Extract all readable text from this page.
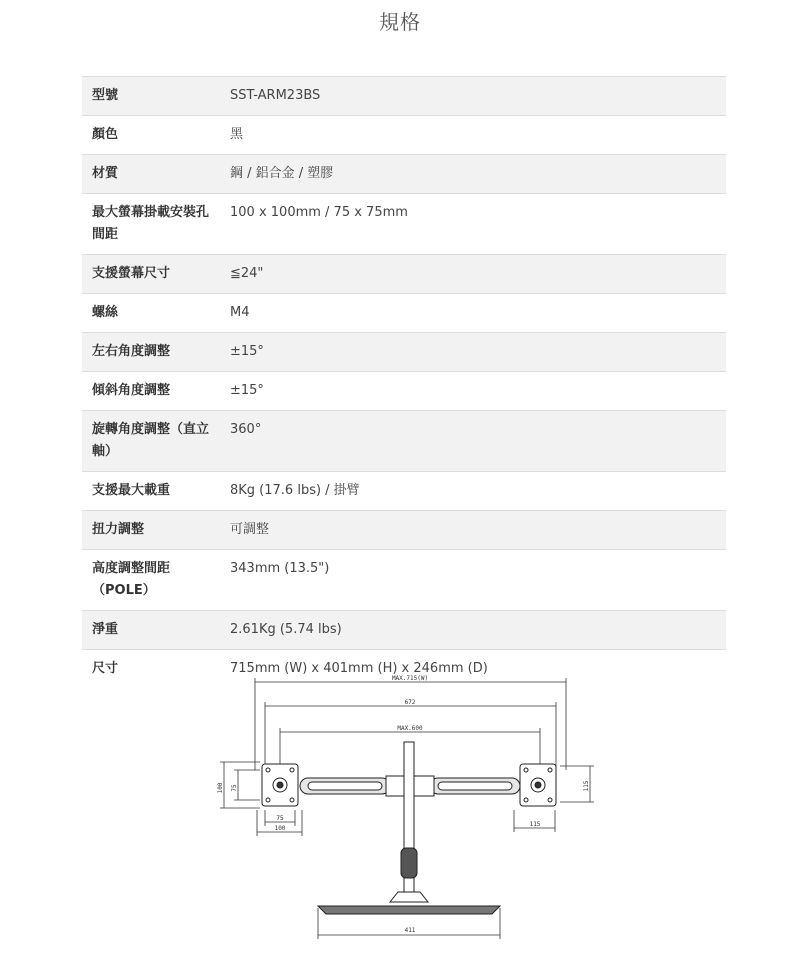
規格
型號	SST-ARM23BS
顏色	黑
材質	鋼 / 鋁合金 / 塑膠
最大螢幕掛載安裝孔間距	100 x 100mm / 75 x 75mm
支援螢幕尺寸	≦24"
螺絲	M4
左右角度調整	±15°
傾斜角度調整	±15°
旋轉角度調整（直立軸）	360°
支援最大載重	8Kg (17.6 lbs) / 掛臂
扭力調整	可調整
高度調整間距（POLE）	343mm (13.5")
淨重	2.61Kg (5.74 lbs)
尺寸	715mm (W) x 401mm (H) x 246mm (D)
MAX.715(W)
672
MAX.600
100 75
75
100
115
115
411
